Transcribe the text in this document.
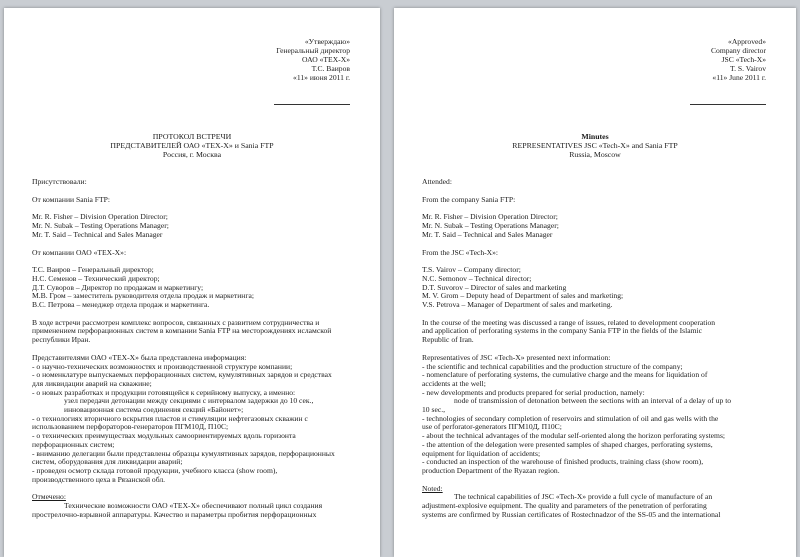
«Утверждаю»
Генеральный директор
ОАО «ТЕХ-Х»
Т.С. Ваиров
«11» июня 2011 г.
ПРОТОКОЛ ВСТРЕЧИ
ПРЕДСТАВИТЕЛЕЙ ОАО «ТЕХ-Х» и Sania FTP
Россия, г. Москва
Присутствовали:
От компании Sania FTP:
Mr. R. Fisher – Division Operation Director;
Mr. N. Subak – Testing Operations Manager;
Mr. T. Said – Technical and Sales Manager
От компании ОАО «ТЕХ-Х»:
Т.С. Ваиров – Генеральный директор;
Н.С. Семенов – Технический директор;
Д.Т. Суворов – Директор по продажам и маркетингу;
М.В. Гром – заместитель руководителя отдела продаж и маркетинга;
В.С. Петрова – менеджер отдела продаж и маркетинга.
В ходе встречи рассмотрен комплекс вопросов, связанных с развитием сотрудничества и
применением перфорационных систем в компании Sania FTP на месторождениях исламской
республики Иран.
Представителями ОАО «ТЕХ-Х» была представлена информация:
- о научно-технических возможностях и производственной структуре компании;
- о номенклатуре выпускаемых перфорационных систем, кумулятивных зарядов и средствах
для ликвидации аварий на скважине;
- о новых разработках и продукции готовящейся к серийному выпуску, а именно:
узел передачи детонации между секциями с интервалом задержки до 10 сек.,
инновационная система соединения секций «Байонет»;
- о технологиях вторичного вскрытия пластов и стимуляции нефтегазовых скважин с
использованием перфораторов-генераторов ПГМ10Д, П10С;
- о технических преимуществах модульных самоориентируемых вдоль горизонта
перфорационных систем;
- вниманию делегации были представлены образцы кумулятивных зарядов, перфорационных
систем, оборудования для ликвидации аварий;
- проведен осмотр склада готовой продукции, учебного класса (show room),
производственного цеха в Рязанской обл.
Отмечено:
Технические возможности ОАО «ТЕХ-Х» обеспечивают полный цикл создания
прострелочно-взрывной аппаратуры. Качество и параметры пробития перфорационных
«Approved»
Company director
JSC «Tech-X»
T. S. Vairov
«11» June 2011 г.
Minutes
REPRESENTATIVES JSC «Tech-X» and Sania FTP
Russia, Moscow
Attended:
From the company Sania FTP:
Mr. R. Fisher – Division Operation Director;
Mr. N. Subak – Testing Operations Manager;
Mr. T. Said – Technical and Sales Manager
From the JSC «Tech-X»:
T.S. Vairov – Company director;
N.C. Semonov – Technical director;
D.T. Suvorov – Director of sales and marketing
M. V. Grom – Deputy head of Department of sales and marketing;
V.S. Petrova – Manager of Department of sales and marketing.
In the course of the meeting was discussed a range of issues, related to development cooperation
and application of perforating systems in the company Sania FTP in the fields of the Islamic
Republic of Iran.
Representatives of JSC «Tech-X» presented next information:
- the scientific and technical capabilities and the production structure of the company;
- nomenclature of perforating systems, the cumulative charge and the means for liquidation of
accidents at the well;
- new developments and products prepared for serial production, namely:
node of transmission of detonation between the sections with an interval of a delay of up to
10 sec.,
- technologies of secondary completion of reservoirs and stimulation of oil and gas wells with the
use of perforator-generators ПГМ10Д, П10С;
- about the technical advantages of the modular self-oriented along the horizon perforating systems;
- the attention of the delegation were presented samples of shaped charges, perforating systems,
equipment for liquidation of accidents;
- conducted an inspection of the warehouse of finished products, training class (show room),
production Department of the Ryazan region.
Noted:
The technical capabilities of JSC «Tech-X» provide a full cycle of manufacture of an
adjustment-explosive equipment. The quality and parameters of the penetration of perforating
systems are confirmed by Russian certificates of Rostechnadzor of the SS-05 and the international
